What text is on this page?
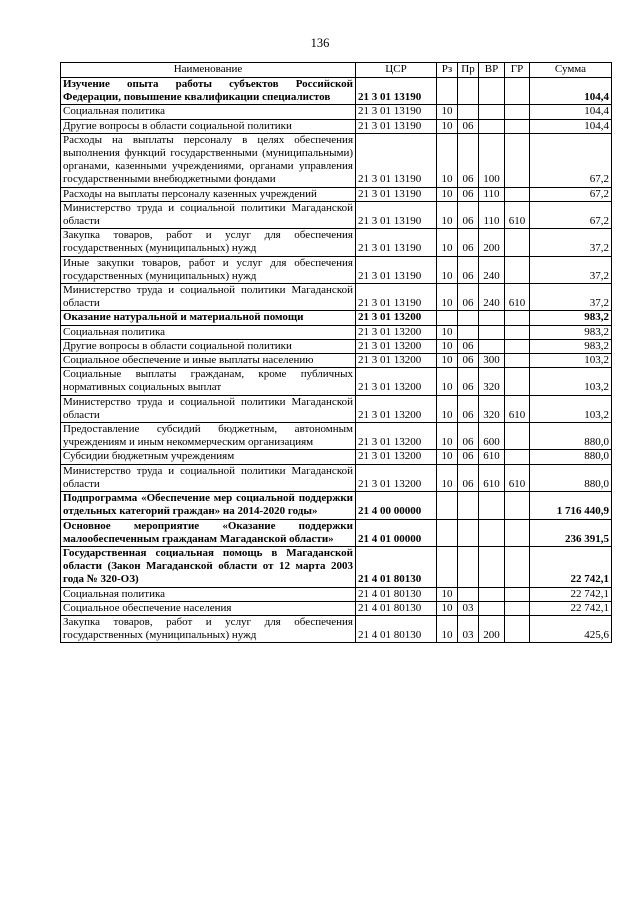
136
Наименование	ЦСР	Рз	Пр	ВР	ГР	Сумма
Изучение опыта работы субъектов Российской Федерации, повышение квалификации специалистов	21 3 01 13190					104,4
Социальная политика	21 3 01 13190	10				104,4
Другие вопросы в области социальной политики	21 3 01 13190	10	06			104,4
Расходы на выплаты персоналу в целях обеспечения выполнения функций государственными (муниципальными) органами, казенными учреждениями, органами управления государственными внебюджетными фондами	21 3 01 13190	10	06	100		67,2
Расходы на выплаты персоналу казенных учреждений	21 3 01 13190	10	06	110		67,2
Министерство труда и социальной политики Магаданской области	21 3 01 13190	10	06	110	610	67,2
Закупка товаров, работ и услуг для обеспечения государственных (муниципальных) нужд	21 3 01 13190	10	06	200		37,2
Иные закупки товаров, работ и услуг для обеспечения государственных (муниципальных) нужд	21 3 01 13190	10	06	240		37,2
Министерство труда и социальной политики Магаданской области	21 3 01 13190	10	06	240	610	37,2
Оказание натуральной и материальной помощи	21 3 01 13200					983,2
Социальная политика	21 3 01 13200	10				983,2
Другие вопросы в области социальной политики	21 3 01 13200	10	06			983,2
Социальное обеспечение и иные выплаты населению	21 3 01 13200	10	06	300		103,2
Социальные выплаты гражданам, кроме публичных нормативных социальных выплат	21 3 01 13200	10	06	320		103,2
Министерство труда и социальной политики Магаданской области	21 3 01 13200	10	06	320	610	103,2
Предоставление субсидий бюджетным, автономным учреждениям и иным некоммерческим организациям	21 3 01 13200	10	06	600		880,0
Субсидии бюджетным учреждениям	21 3 01 13200	10	06	610		880,0
Министерство труда и социальной политики Магаданской области	21 3 01 13200	10	06	610	610	880,0
Подпрограмма «Обеспечение мер социальной поддержки отдельных категорий граждан» на 2014-2020 годы»	21 4 00 00000					1 716 440,9
Основное мероприятие «Оказание поддержки малообеспеченным гражданам Магаданской области»	21 4 01 00000					236 391,5
Государственная социальная помощь в Магаданской области (Закон Магаданской области от 12 марта 2003 года № 320-ОЗ)	21 4 01 80130					22 742,1
Социальная политика	21 4 01 80130	10				22 742,1
Социальное обеспечение населения	21 4 01 80130	10	03			22 742,1
Закупка товаров, работ и услуг для обеспечения государственных (муниципальных) нужд	21 4 01 80130	10	03	200		425,6
